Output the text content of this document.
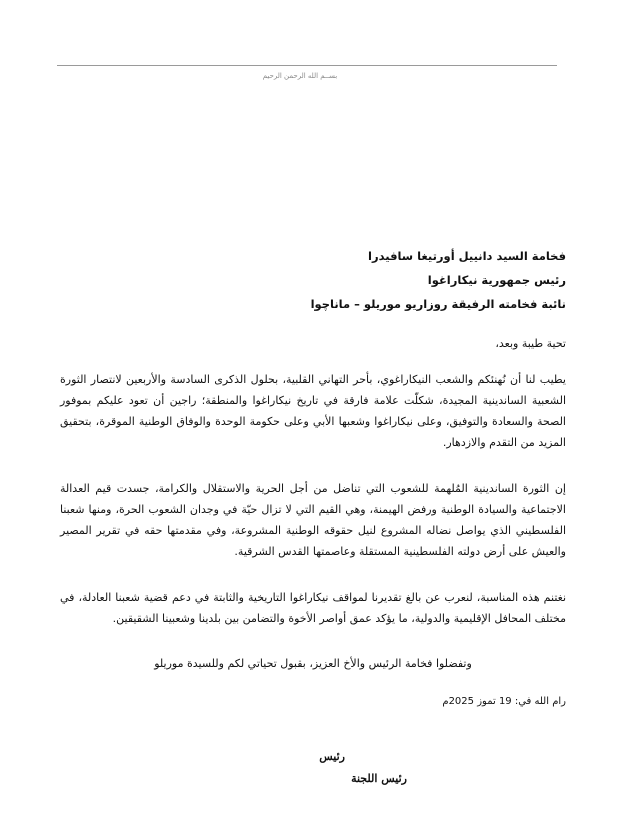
بســم الله الرحمن الرحيم
فخامة السيد دانييل أورتيغا سافيدرا
رئيس جمهورية نيكاراغوا
نائبة فخامته الرفيقة روزاريو موريلو – ماناچوا
تحية طيبة وبعد،
يطيب لنا أن نُهنئكم والشعب النيكاراغوي، بأحر التهاني القلبية، بحلول الذكرى السادسة والأربعين لانتصار الثورة الشعبية الساندينية المجيدة، شكلّت علامة فارقة في تاريخ نيكاراغوا والمنطقة؛ راجين أن تعود عليكم بموفور الصحة والسعادة والتوفيق، وعلى نيكاراغوا وشعبها الأبي وعلى حكومة الوحدة والوفاق الوطنية الموقرة، بتحقيق المزيد من التقدم والازدهار.
إن الثورة الساندينية المُلهمة للشعوب التي تناضل من أجل الحرية والاستقلال والكرامة، جسدت قيم العدالة الاجتماعية والسيادة الوطنية ورفض الهيمنة، وهي القيم التي لا تزال حيّة في وجدان الشعوب الحرة، ومنها شعبنا الفلسطيني الذي يواصل نضاله المشروع لنيل حقوقه الوطنية المشروعة، وفي مقدمتها حقه في تقرير المصير والعيش على أرض دولته الفلسطينية المستقلة وعاصمتها القدس الشرقية.
نغتنم هذه المناسبة، لنعرب عن بالغ تقديرنا لمواقف نيكاراغوا التاريخية والثابتة في دعم قضية شعبنا العادلة، في مختلف المحافل الإقليمية والدولية، ما يؤكد عمق أواصر الأخوة والتضامن بين بلدينا وشعبينا الشقيقين.
وتفضلوا فخامة الرئيس والأخ العزيز، بقبول تحياتي لكم وللسيدة موريلو
رام الله في: 19 تموز 2025م
رئيس
رئيس اللجنة
